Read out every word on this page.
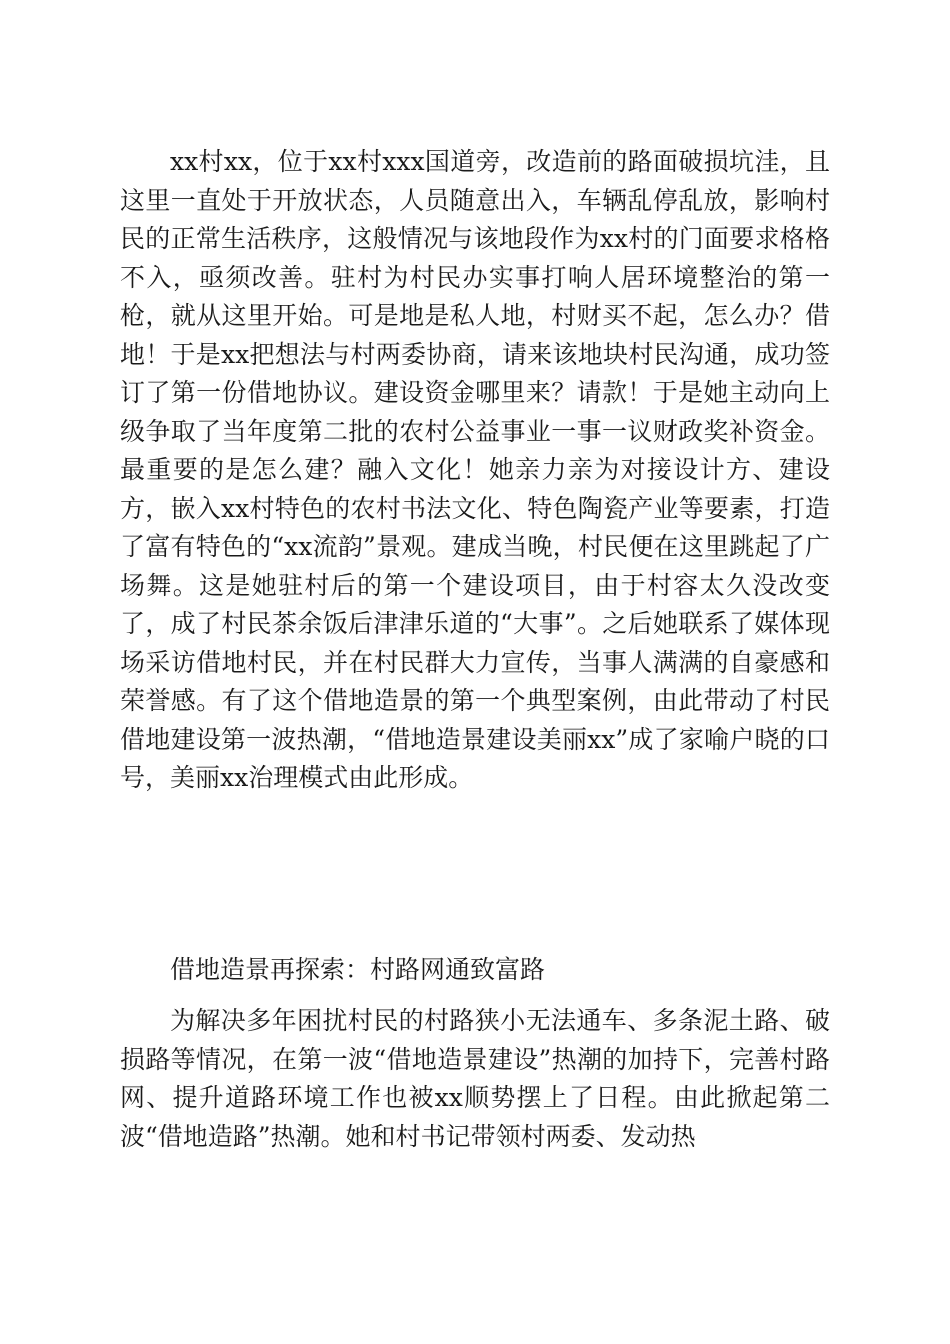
xx村xx，位于xx村xxx国道旁，改造前的路面破损坑洼，且这里一直处于开放状态，人员随意出入，车辆乱停乱放，影响村民的正常生活秩序，这般情况与该地段作为xx村的门面要求格格不入，亟须改善。驻村为村民办实事打响人居环境整治的第一枪，就从这里开始。可是地是私人地，村财买不起，怎么办？借地！于是xx把想法与村两委协商，请来该地块村民沟通，成功签订了第一份借地协议。建设资金哪里来？请款！于是她主动向上级争取了当年度第二批的农村公益事业一事一议财政奖补资金。最重要的是怎么建？融入文化！她亲力亲为对接设计方、建设方，嵌入xx村特色的农村书法文化、特色陶瓷产业等要素，打造了富有特色的“xx流韵”景观。建成当晚，村民便在这里跳起了广场舞。这是她驻村后的第一个建设项目，由于村容太久没改变了，成了村民茶余饭后津津乐道的“大事”。之后她联系了媒体现场采访借地村民，并在村民群大力宣传，当事人满满的自豪感和荣誉感。有了这个借地造景的第一个典型案例，由此带动了村民借地建设第一波热潮，“借地造景建设美丽xx”成了家喻户晓的口号，美丽xx治理模式由此形成。

借地造景再探索：村路网通致富路

为解决多年困扰村民的村路狭小无法通车、多条泥土路、破损路等情况，在第一波“借地造景建设”热潮的加持下，完善村路网、提升道路环境工作也被xx顺势摆上了日程。由此掀起第二波“借地造路”热潮。她和村书记带领村两委、发动热
